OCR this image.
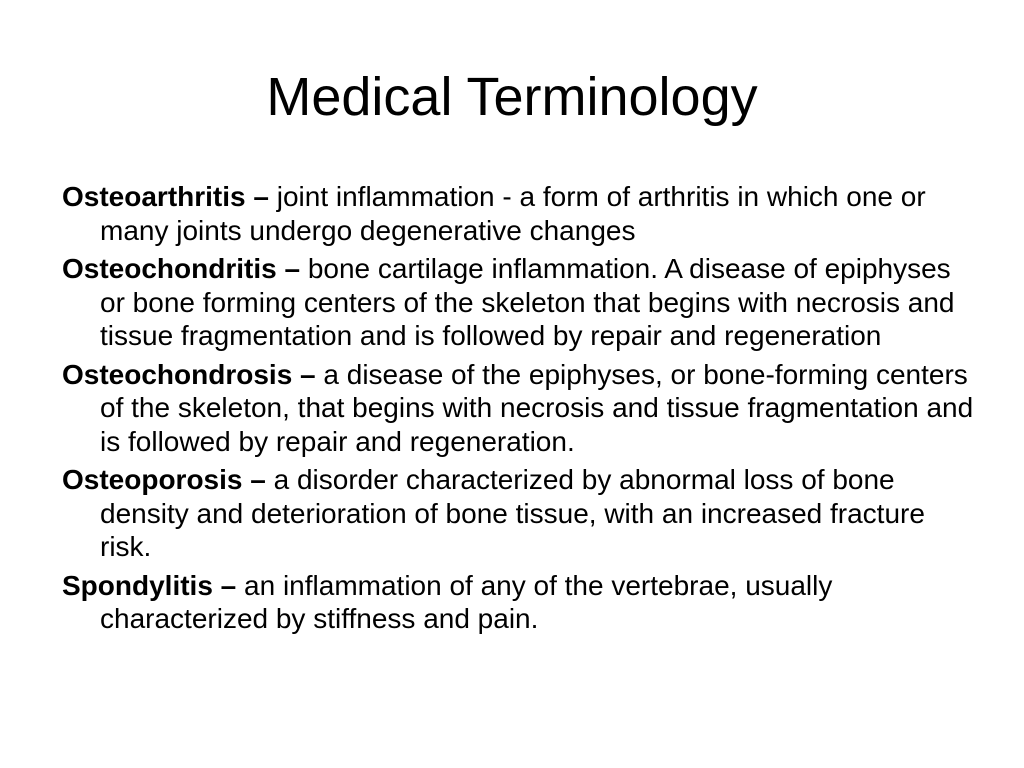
Medical Terminology
Osteoarthritis – joint inflammation - a form of arthritis in which one or many joints undergo degenerative changes
Osteochondritis – bone cartilage inflammation. A disease of epiphyses or bone forming centers of the skeleton that begins with necrosis and tissue fragmentation and is followed by repair and regeneration
Osteochondrosis – a disease of the epiphyses, or bone-forming centers of the skeleton, that begins with necrosis and tissue fragmentation and is followed by repair and regeneration.
Osteoporosis – a disorder characterized by abnormal loss of bone density and deterioration of bone tissue, with an increased fracture risk.
Spondylitis – an inflammation of any of the vertebrae, usually characterized by stiffness and pain.
